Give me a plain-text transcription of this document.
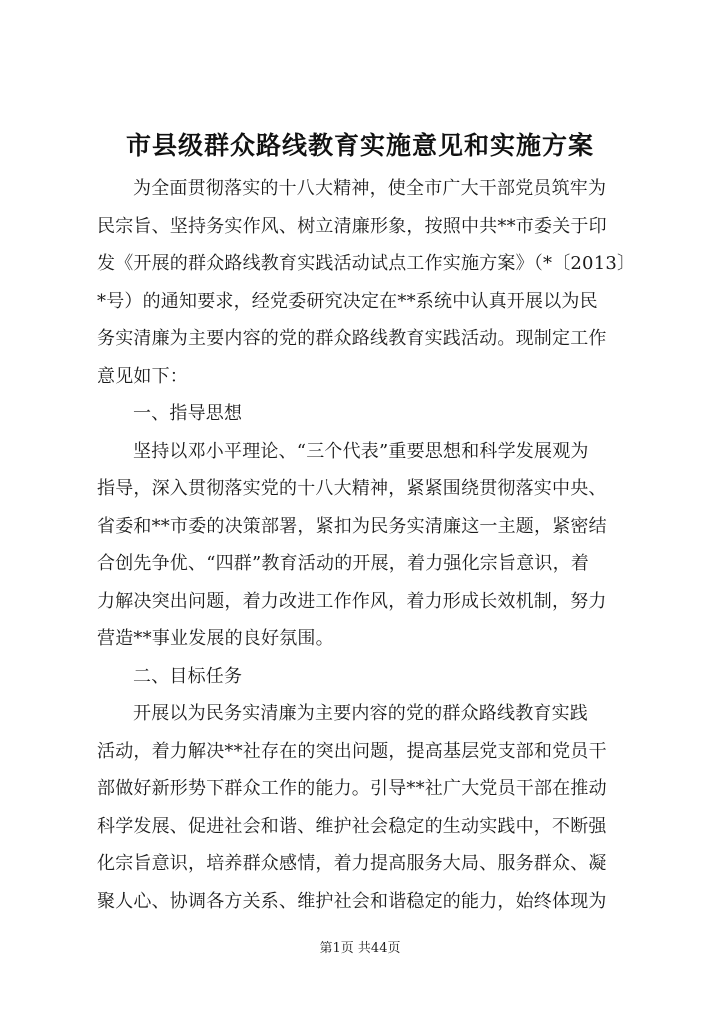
市县级群众路线教育实施意见和实施方案
为全面贯彻落实的十八大精神，使全市广大干部党员筑牢为
民宗旨、坚持务实作风、树立清廉形象，按照中共**市委关于印
发《开展的群众路线教育实践活动试点工作实施方案》（*〔2013〕
*号）的通知要求，经党委研究决定在**系统中认真开展以为民
务实清廉为主要内容的党的群众路线教育实践活动。现制定工作
意见如下：
一、指导思想
坚持以邓小平理论、“三个代表”重要思想和科学发展观为
指导，深入贯彻落实党的十八大精神，紧紧围绕贯彻落实中央、
省委和**市委的决策部署，紧扣为民务实清廉这一主题，紧密结
合创先争优、“四群”教育活动的开展，着力强化宗旨意识，着
力解决突出问题，着力改进工作作风，着力形成长效机制，努力
营造**事业发展的良好氛围。
二、目标任务
开展以为民务实清廉为主要内容的党的群众路线教育实践
活动，着力解决**社存在的突出问题，提高基层党支部和党员干
部做好新形势下群众工作的能力。引导**社广大党员干部在推动
科学发展、促进社会和谐、维护社会稳定的生动实践中，不断强
化宗旨意识，培养群众感情，着力提高服务大局、服务群众、凝
聚人心、协调各方关系、维护社会和谐稳定的能力，始终体现为
第1页 共44页
